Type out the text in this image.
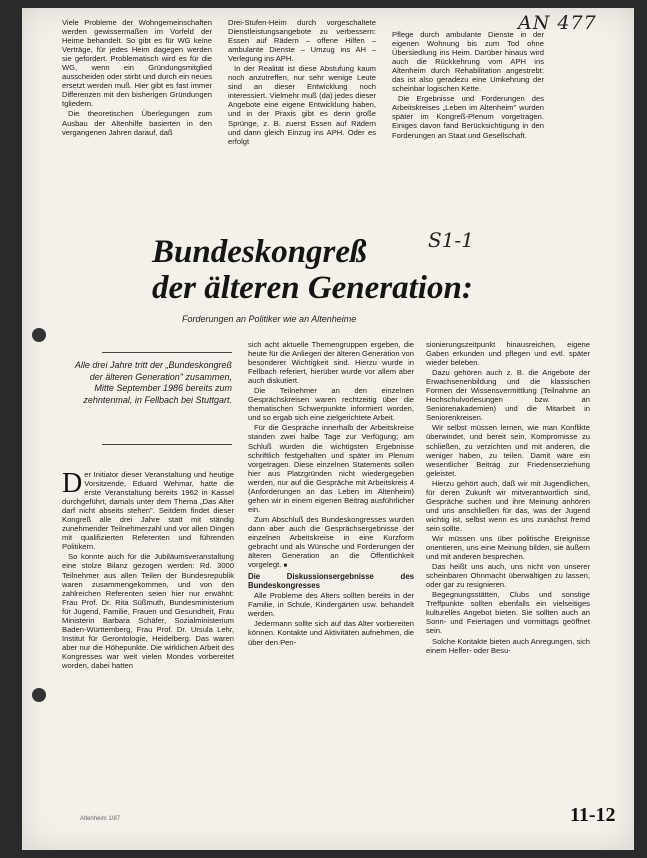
AN 477
S1-1

Viele Probleme der Wohngemeinschaften werden gewissermaßen im Vorfeld der Heime behandelt. So gibt es für WG keine Verträge, für jedes Heim dagegen werden sie gefordert. Problematisch wird es für die WG, wenn ein Gründungsmitglied ausscheiden oder stirbt und durch ein neues ersetzt werden muß. Hier gibt es fast immer Differenzen mit den bisherigen Gründungen tgliedern.

Die theoretischen Überlegungen zum Ausbau der Altenhilfe basierten in den vergangenen Jahren darauf, daß

Drei-Stufen-Heim durch vorgeschaltete Dienstleistungsangebote zu verbessern: Essen auf Rädern – offene Hilfen – ambulante Dienste – Umzug ins AH – Verlegung ins APH.

In der Realität ist diese Abstufung kaum noch anzutreffen, nur sehr wenige Leute sind an dieser Entwicklung noch interessiert. Vielmehr muß (da) jedes dieser Angebote eine eigene Entwicklung haben, und in der Praxis gibt es denn große Sprünge, z. B. zuerst Essen auf Rädern und dann gleich Einzug ins APH. Oder es erfolgt

Pflege durch ambulante Dienste in der eigenen Wohnung bis zum Tod ohne Übersiedlung ins Heim. Darüber hinaus wird auch die Rückkehrung vom APH ins Altenheim durch Rehabilitation angestrebt: das ist also geradezu eine Umkehrung der scheinbar logischen Kette.

Die Ergebnisse und Forderungen des Arbeitskreises „Leben im Altenheim" wurden später im Kongreß-Plenum vorgetragen. Einiges davon fand Berücksichtigung in den Forderungen an Staat und Gesellschaft.

Bundeskongreß
der älteren Generation:
Forderungen an Politiker wie an Altenheime
Alle drei Jahre tritt der „Bundeskongreß der älteren Generation" zusammen, Mitte September 1986 bereits zum zehntenmal, in Fellbach bei Stuttgart.

Der Initiator dieser Veranstaltung und heutige Vorsitzende, Eduard Wehmar, hatte die erste Veranstaltung bereits 1962 in Kassel durchgeführt, damals unter dem Thema „Das Alter darf nicht abseits stehen". Seitdem findet dieser Kongreß alle drei Jahre statt mit ständig zunehmender Teilnehmerzahl und vor allen Dingen mit qualifizierten Referenten und führenden Politikern.

So konnte auch für die Jubiläumsveranstaltung eine stolze Bilanz gezogen werden: Rd. 3000 Teilnehmer aus allen Teilen der Bundesrepublik waren zusammengekommen, und von den zahlreichen Referenten seien hier nur erwähnt: Frau Prof. Dr. Rita Süßmuth, Bundesministerium für Jugend, Familie, Frauen und Gesundheit, Frau Ministerin Barbara Schäfer, Sozialministerium Baden-Württemberg, Frau Prof. Dr. Ursula Lehr, Institut für Gerontologie, Heidelberg. Das waren aber nur die Höhepunkte. Die wirklichen Arbeit des Kongresses war weit vielen Mondes vorbereitet worden, dabei hatten

sich acht aktuelle Themengruppen ergeben, die heute für die Anliegen der älteren Generation von besonderer Wichtigkeit sind. Hierzu wurde in Fellbach referiert, hierüber wurde vor allem aber auch diskutiert.

Die Teilnehmer an den einzelnen Gesprächskreisen waren rechtzeitig über die thematischen Schwerpunkte informiert worden, und so ergab sich eine zielgerichtete Arbeit.

Für die Gespräche innerhalb der Arbeitskreise standen zwei halbe Tage zur Verfügung; am Schluß wurden die wichtigsten Ergebnisse schriftlich festgehalten und später im Plenum vorgetragen. Diese einzelnen Statements sollen hier aus Platzgründen nicht wiedergegeben werden, nur auf die Gespräche mit Arbeitskreis 4 (Anforderungen an das Leben im Altenheim) gehen wir in einem eigenen Beitrag ausführlicher ein.

Zum Abschluß des Bundeskongresses wurden dann aber auch die Gesprächsergebnisse der einzelnen Arbeitskreise in eine Kurzform gebracht und als Wünsche und Forderungen der älteren Generation an die Öffentlichkeit vorgelegt. ■

Die Diskussionsergebnisse des Bundeskongresses

Alle Probleme des Alters sollten bereits in der Familie, in Schule, Kindergärten usw. behandelt werden.

Jedermann sollte sich auf das Alter vorbereiten können. Kontakte und Aktivitäten aufnehmen, die über den Pen-

sionierungszeitpunkt hinausreichen, eigene Gaben erkunden und pflegen und evtl. später wieder beleben.

Dazu gehören auch z. B. die Angebote der Erwachsenenbildung und die klassischen Formen der Wissensvermittlung (Teilnahme an Hochschulvorlesungen bzw. an Seniorenakademien) und die Mitarbeit in Seniorenkreisen.

Wir selbst müssen lernen, wie man Konflikte überwindet, und bereit sein, Kompromisse zu schließen, zu verzichten und mit anderen, die weniger haben, zu teilen. Damit wäre ein wesentlicher Beitrag zur Friedenserziehung geleistet.

Hierzu gehört auch, daß wir mit Jugendlichen, für deren Zukunft wir mitverantwortlich sind, Gespräche suchen und ihre Meinung anhören und uns anschließen für das, was der Jugend wichtig ist, selbst wenn es uns zunächst fremd sein sollte.

Wir müssen uns über politische Ereignisse orientieren, uns eine Meinung bilden, sie äußern und mit anderen besprechen.

Das heißt uns auch, uns nicht von unserer scheinbaren Ohnmacht überwältigen zu lassen, oder gar zu resignieren.

Begegnungsstätten, Clubs und sonstige Treffpunkte sollten ebenfalls ein vielseitiges kulturelles Angebot bieten. Sie sollten auch an Sonn- und Feiertagen und vormittags geöffnet sein.

Solche Kontakte bieten auch Anregungen, sich einem Helfer- oder Besu-

Altenheim 1/87	11-12
